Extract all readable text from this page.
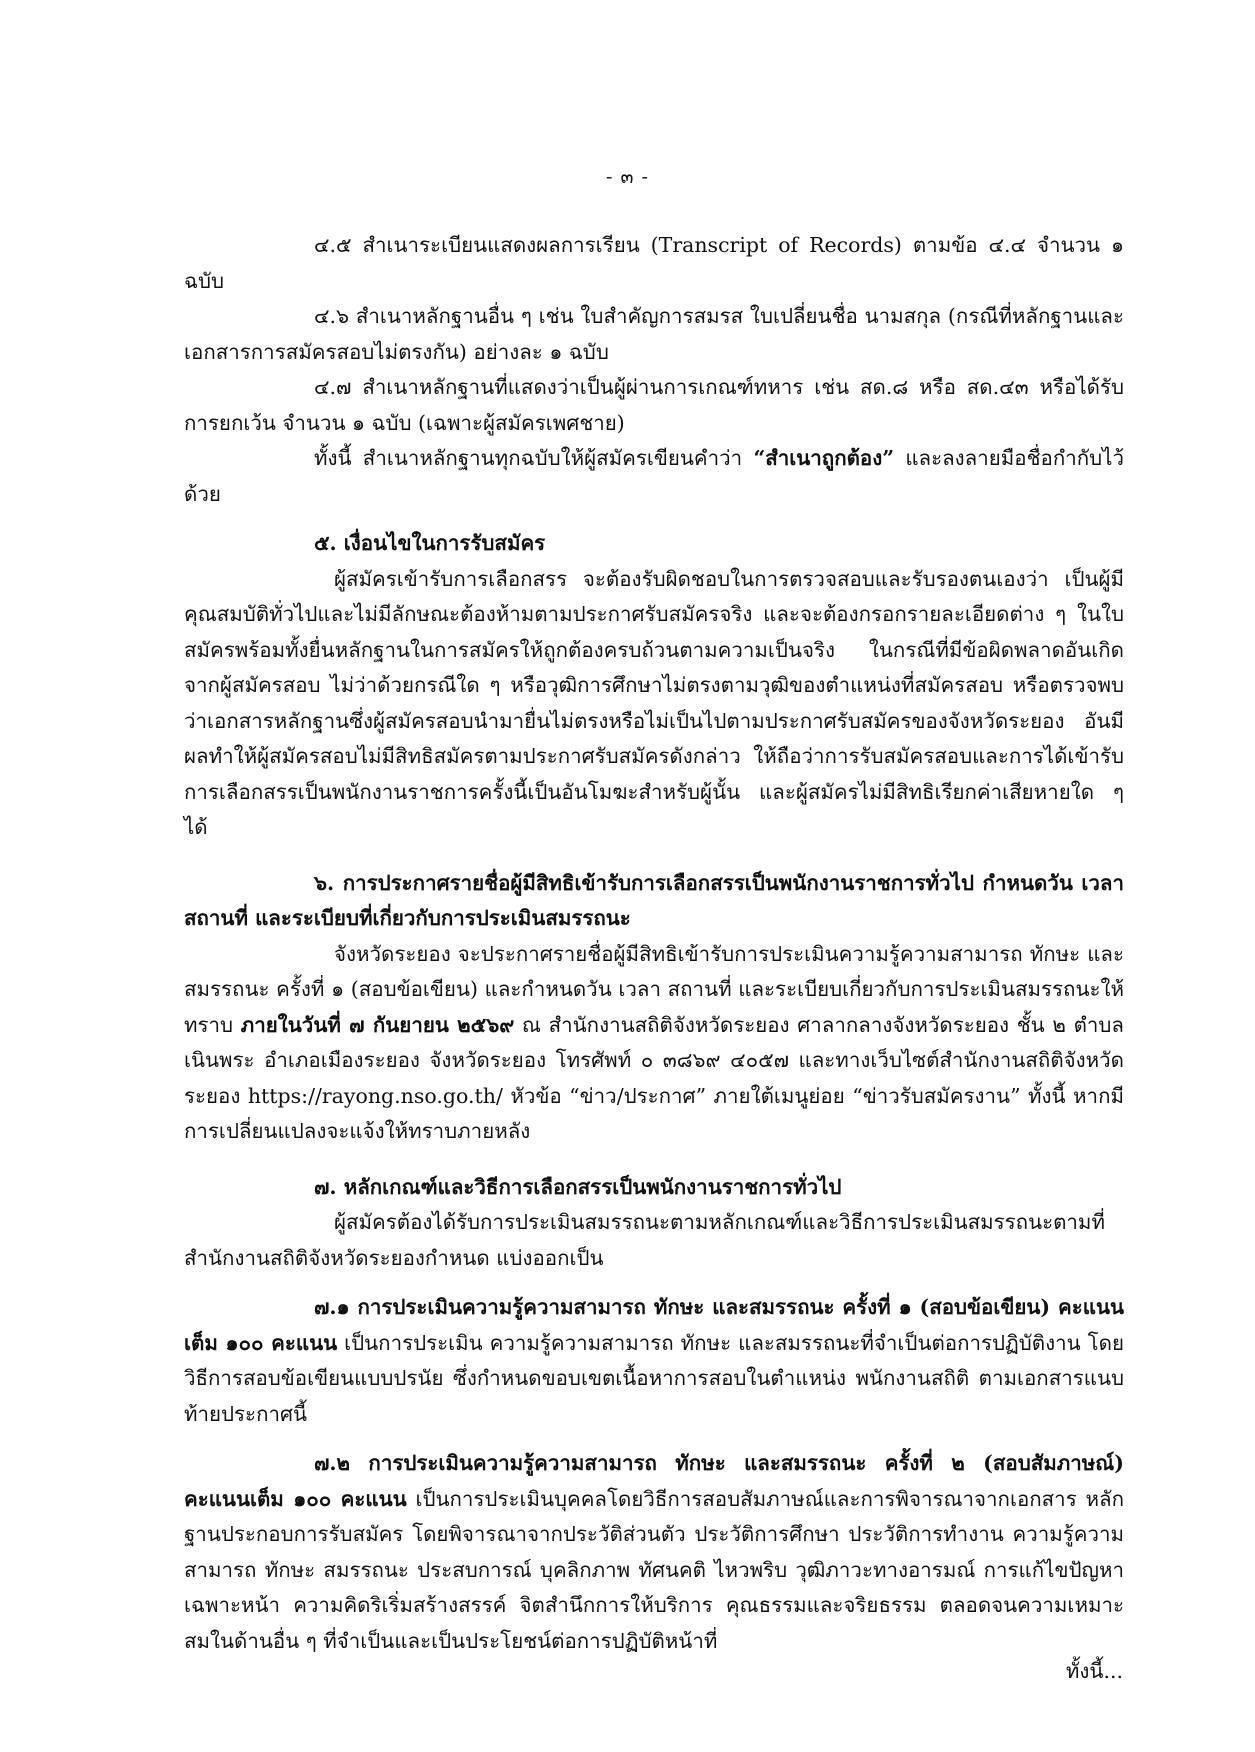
- ๓ -

๔.๕ สำเนาระเบียนแสดงผลการเรียน (Transcript of Records) ตามข้อ ๔.๔ จำนวน ๑ ฉบับ

๔.๖ สำเนาหลักฐานอื่น ๆ เช่น ใบสำคัญการสมรส ใบเปลี่ยนชื่อ นามสกุล (กรณีที่หลักฐานและเอกสารการสมัครสอบไม่ตรงกัน) อย่างละ ๑ ฉบับ

๔.๗ สำเนาหลักฐานที่แสดงว่าเป็นผู้ผ่านการเกณฑ์ทหาร เช่น สด.๘ หรือ สด.๔๓ หรือได้รับการยกเว้น จำนวน ๑ ฉบับ (เฉพาะผู้สมัครเพศชาย)

ทั้งนี้ สำเนาหลักฐานทุกฉบับให้ผู้สมัครเขียนคำว่า “สำเนาถูกต้อง” และลงลายมือชื่อกำกับไว้ด้วย

๕. เงื่อนไขในการรับสมัคร

ผู้สมัครเข้ารับการเลือกสรร จะต้องรับผิดชอบในการตรวจสอบและรับรองตนเองว่า เป็นผู้มีคุณสมบัติทั่วไปและไม่มีลักษณะต้องห้ามตามประกาศรับสมัครจริง และจะต้องกรอกรายละเอียดต่าง ๆ ในใบสมัครพร้อมทั้งยื่นหลักฐานในการสมัครให้ถูกต้องครบถ้วนตามความเป็นจริง ในกรณีที่มีข้อผิดพลาดอันเกิดจากผู้สมัครสอบ ไม่ว่าด้วยกรณีใด ๆ หรือวุฒิการศึกษาไม่ตรงตามวุฒิของตำแหน่งที่สมัครสอบ หรือตรวจพบว่าเอกสารหลักฐานซึ่งผู้สมัครสอบนำมายื่นไม่ตรงหรือไม่เป็นไปตามประกาศรับสมัครของจังหวัดระยอง อันมีผลทำให้ผู้สมัครสอบไม่มีสิทธิสมัครตามประกาศรับสมัครดังกล่าว ให้ถือว่าการรับสมัครสอบและการได้เข้ารับการเลือกสรรเป็นพนักงานราชการครั้งนี้เป็นอันโมฆะสำหรับผู้นั้น และผู้สมัครไม่มีสิทธิเรียกค่าเสียหายใด ๆ ได้

๖. การประกาศรายชื่อผู้มีสิทธิเข้ารับการเลือกสรรเป็นพนักงานราชการทั่วไป กำหนดวัน เวลา สถานที่ และระเบียบที่เกี่ยวกับการประเมินสมรรถนะ

จังหวัดระยอง จะประกาศรายชื่อผู้มีสิทธิเข้ารับการประเมินความรู้ความสามารถ ทักษะ และสมรรถนะ ครั้งที่ ๑ (สอบข้อเขียน) และกำหนดวัน เวลา สถานที่ และระเบียบเกี่ยวกับการประเมินสมรรถนะให้ทราบ ภายในวันที่ ๗ กันยายน ๒๕๖๙ ณ สำนักงานสถิติจังหวัดระยอง ศาลากลางจังหวัดระยอง ชั้น ๒ ตำบลเนินพระ อำเภอเมืองระยอง จังหวัดระยอง โทรศัพท์ ๐ ๓๘๖๙ ๔๐๕๗ และทางเว็บไซต์สำนักงานสถิติจังหวัดระยอง https://rayong.nso.go.th/ หัวข้อ “ข่าว/ประกาศ” ภายใต้เมนูย่อย “ข่าวรับสมัครงาน” ทั้งนี้ หากมีการเปลี่ยนแปลงจะแจ้งให้ทราบภายหลัง

๗. หลักเกณฑ์และวิธีการเลือกสรรเป็นพนักงานราชการทั่วไป

ผู้สมัครต้องได้รับการประเมินสมรรถนะตามหลักเกณฑ์และวิธีการประเมินสมรรถนะตามที่สำนักงานสถิติจังหวัดระยองกำหนด แบ่งออกเป็น

๗.๑ การประเมินความรู้ความสามารถ ทักษะ และสมรรถนะ ครั้งที่ ๑ (สอบข้อเขียน) คะแนนเต็ม ๑๐๐ คะแนน เป็นการประเมิน ความรู้ความสามารถ ทักษะ และสมรรถนะที่จำเป็นต่อการปฏิบัติงาน โดยวิธีการสอบข้อเขียนแบบปรนัย ซึ่งกำหนดขอบเขตเนื้อหาการสอบในตำแหน่ง พนักงานสถิติ ตามเอกสารแนบท้ายประกาศนี้

๗.๒ การประเมินความรู้ความสามารถ ทักษะ และสมรรถนะ ครั้งที่ ๒ (สอบสัมภาษณ์) คะแนนเต็ม ๑๐๐ คะแนน เป็นการประเมินบุคคลโดยวิธีการสอบสัมภาษณ์และการพิจารณาจากเอกสาร หลักฐานประกอบการรับสมัคร โดยพิจารณาจากประวัติส่วนตัว ประวัติการศึกษา ประวัติการทำงาน ความรู้ความสามารถ ทักษะ สมรรถนะ ประสบการณ์ บุคลิกภาพ ทัศนคติ ไหวพริบ วุฒิภาวะทางอารมณ์ การแก้ไขปัญหาเฉพาะหน้า ความคิดริเริ่มสร้างสรรค์ จิตสำนึกการให้บริการ คุณธรรมและจริยธรรม ตลอดจนความเหมาะสมในด้านอื่น ๆ ที่จำเป็นและเป็นประโยชน์ต่อการปฏิบัติหน้าที่

ทั้งนี้...
